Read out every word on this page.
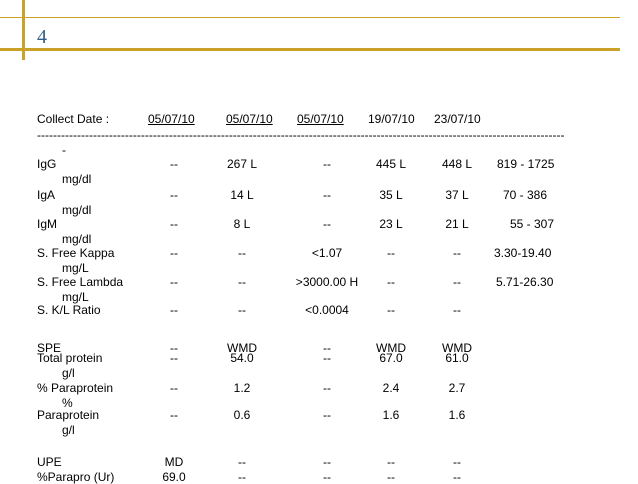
4
Collect Date :	05/07/10	05/07/10 05/07/10 19/07/10 23/07/10
------------------------------------------------------------------------------------------------------------------------------------
-
IgG	--	267 L	--	445 L	448 L 819 - 1725
mg/dl
IgA	--	14 L	--	35 L	37 L	70 - 386
mg/dl
IgM	--	8 L	--	23 L	21 L	55 - 307
mg/dl
S. Free Kappa	--	--	<1.07	--	--	3.30-19.40
mg/L
S. Free Lambda	--	--	>3000.00 H --	--	5.71-26.30
mg/L
S. K/L Ratio	--	--	<0.0004	--	--
SPE	--	WMD	--	WMD	WMD
Total protein	--	54.0	--	67.0	61.0
g/l
% Paraprotein	--	1.2	--	2.4	2.7
%
Paraprotein	--	0.6	--	1.6	1.6
g/l
UPE	MD	--	--	--	--
%Parapro (Ur)	69.0	--	--	--	--
